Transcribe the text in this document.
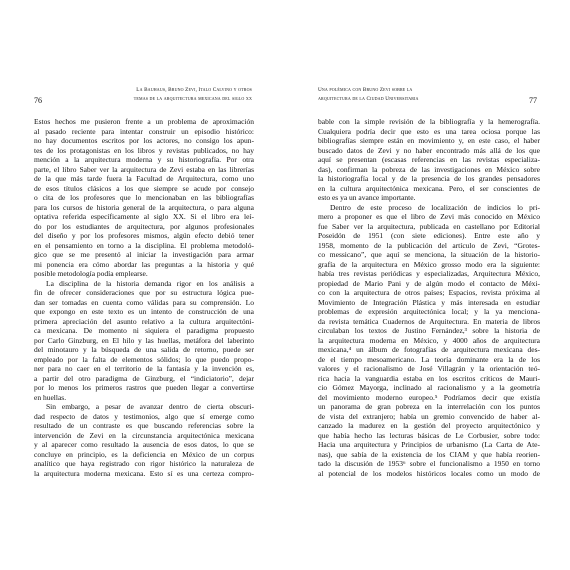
76
La Bauhaus, Bruno Zevi, Italo Calvino y otros
temas de la arquitectura mexicana del siglo xx
Estos hechos me pusieron frente a un problema de aproximación
al pasado reciente para intentar construir un episodio histórico:
no hay documentos escritos por los actores, no consigo los apun-
tes de los protagonistas en los libros y revistas publicados, no hay
mención a la arquitectura moderna y su historiografía. Por otra
parte, el libro Saber ver la arquitectura de Zevi estaba en las librerías
de la que más tarde fuera la Facultad de Arquitectura, como uno
de esos títulos clásicos a los que siempre se acude por consejo
o cita de los profesores que lo mencionaban en las bibliografías
para los cursos de historia general de la arquitectura, o para alguna
optativa referida específicamente al siglo XX. Si el libro era leí-
do por los estudiantes de arquitectura, por algunos profesionales
del diseño y por los profesores mismos, algún efecto debió tener
en el pensamiento en torno a la disciplina. El problema metodoló-
gico que se me presentó al iniciar la investigación para armar
mi ponencia era cómo abordar las preguntas a la historia y qué
posible metodología podía emplearse.
La disciplina de la historia demanda rigor en los análisis a
fin de ofrecer consideraciones que por su estructura lógica pue-
dan ser tomadas en cuenta como válidas para su comprensión. Lo
que expongo en este texto es un intento de construcción de una
primera apreciación del asunto relativo a la cultura arquitectóni-
ca mexicana. De momento ni siquiera el paradigma propuesto
por Carlo Ginzburg, en El hilo y las huellas, metáfora del laberinto
del minotauro y la búsqueda de una salida de retorno, puede ser
empleado por la falta de elementos sólidos; lo que puedo propo-
ner para no caer en el territorio de la fantasía y la invención es,
a partir del otro paradigma de Ginzburg, el “indiciatorio”, dejar
por lo menos los primeros rastros que pueden llegar a convertirse
en huellas.
Sin embargo, a pesar de avanzar dentro de cierta obscuri-
dad respecto de datos y testimonios, algo que sí emerge como
resultado de un contraste es que buscando referencias sobre la
intervención de Zevi en la circunstancia arquitectónica mexicana
y al aparecer como resultado la ausencia de esos datos, lo que se
concluye en principio, es la deficiencia en México de un corpus
analítico que haya registrado con rigor histórico la naturaleza de
la arquitectura moderna mexicana. Esto sí es una certeza compro-
Una polémica con Bruno Zevi sobre la
arquitectura de la Ciudad Universitaria	77
bable con la simple revisión de la bibliografía y la hemerografía.
Cualquiera podría decir que esto es una tarea ociosa porque las
bibliografías siempre están en movimiento y, en este caso, el haber
buscado datos de Zevi y no haber encontrado más allá de los que
aquí se presentan (escasas referencias en las revistas especializa-
das), confirman la pobreza de las investigaciones en México sobre
la historiografía local y de la presencia de los grandes pensadores
en la cultura arquitectónica mexicana. Pero, el ser conscientes de
esto es ya un avance importante.
Dentro de este proceso de localización de indicios lo pri-
mero a proponer es que el libro de Zevi más conocido en México
fue Saber ver la arquitectura, publicada en castellano por Editorial
Poseidón de 1951 (con siete ediciones). Entre este año y
1958, momento de la publicación del artículo de Zevi, “Grotes-
co messicano”, que aquí se menciona, la situación de la historio-
grafía de la arquitectura en México grosso modo era la siguiente:
había tres revistas periódicas y especializadas, Arquitectura México,
propiedad de Mario Pani y de algún modo el contacto de Méxi-
co con la arquitectura de otros países; Espacios, revista próxima al
Movimiento de Integración Plástica y más interesada en estudiar
problemas de expresión arquitectónica local; y la ya menciona-
da revista temática Cuadernos de Arquitectura. En materia de libros
circulaban los textos de Justino Fernández,³ sobre la historia de
la arquitectura moderna en México, y 4000 años de arquitectura
mexicana,⁴ un álbum de fotografías de arquitectura mexicana des-
de el tiempo mesoamericano. La teoría dominante era la de los
valores y el racionalismo de José Villagrán y la orientación teó-
rica hacia la vanguardia estaba en los escritos críticos de Mauri-
cio Gómez Mayorga, inclinado al racionalismo y a la geometría
del movimiento moderno europeo.⁵ Podríamos decir que existía
un panorama de gran pobreza en la interrelación con los puntos
de vista del extranjero; había un gremio convencido de haber al-
canzado la madurez en la gestión del proyecto arquitectónico y
que había hecho las lecturas básicas de Le Corbusier, sobre todo:
Hacia una arquitectura y Principios de urbanismo (La Carta de Ate-
nas), que sabía de la existencia de los CIAM y que había reorien-
tado la discusión de 1953⁶ sobre el funcionalismo a 1950 en torno
al potencial de los modelos históricos locales como un modo de
